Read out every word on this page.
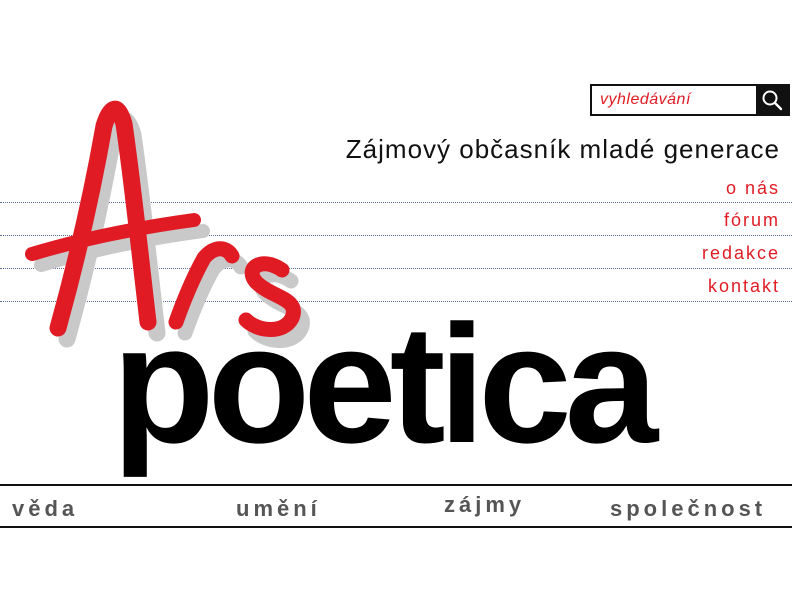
vyhledávání
Zájmový občasník mladé generace
o nás
fórum
redakce
kontakt
poetica
věda	umění	zájmy	společnost
